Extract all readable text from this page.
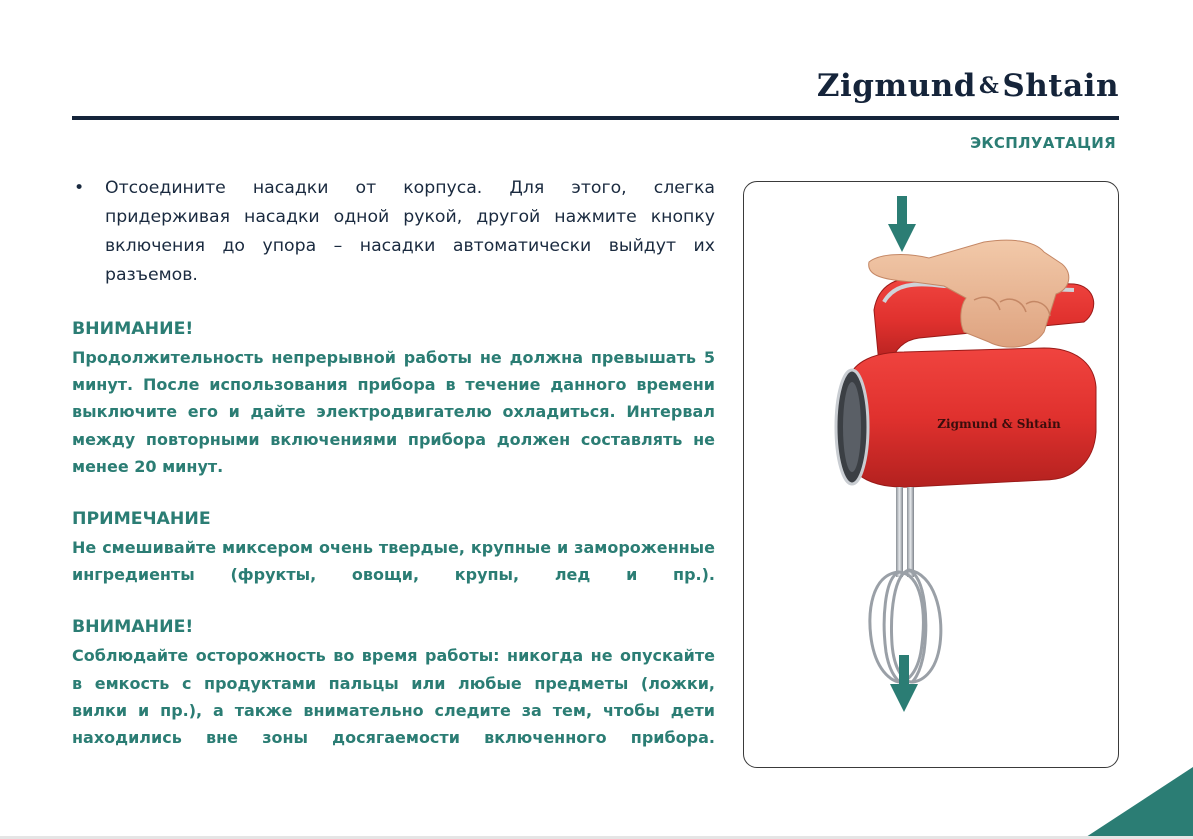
Zigmund &Shtain
ЭКСПЛУАТАЦИЯ
• Отсоедините насадки от корпуса. Для этого, слегка придерживая насадки одной рукой, другой нажмите кнопку включения до упора – насадки автоматически выйдут их разъемов.
ВНИМАНИЕ!
Продолжительность непрерывной работы не должна превышать 5 минут. После использования прибора в течение данного времени выключите его и дайте электродвигателю охладиться. Интервал между повторными включениями прибора должен составлять не менее 20 минут.
ПРИМЕЧАНИЕ
Не смешивайте миксером очень твердые, крупные и замороженные ингредиенты (фрукты, овощи, крупы, лед и пр.).
ВНИМАНИЕ!
Соблюдайте осторожность во время работы: никогда не опускайте в емкость с продуктами пальцы или любые предметы (ложки, вилки и пр.), а также внимательно следите за тем, чтобы дети находились вне зоны досягаемости включенного прибора.
Zigmund & Shtain
